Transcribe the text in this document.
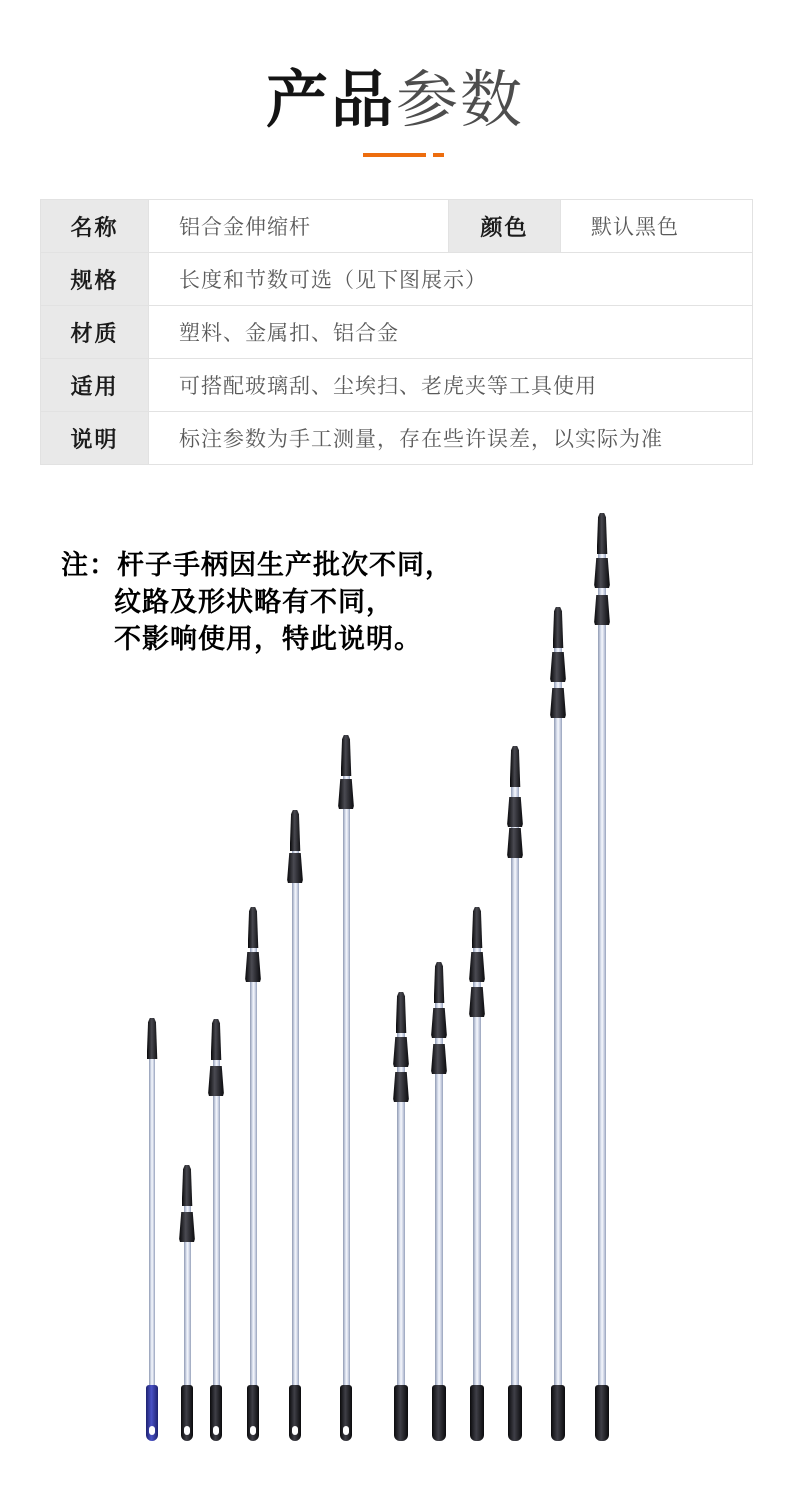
产品参数
名称	铝合金伸缩杆	颜色	默认黑色
规格	长度和节数可选（见下图展示）
材质	塑料、金属扣、铝合金
适用	可搭配玻璃刮、尘埃扫、老虎夹等工具使用
说明	标注参数为手工测量，存在些许误差，以实际为准
注：杆子手柄因生产批次不同，
纹路及形状略有不同，
不影响使用，特此说明。
